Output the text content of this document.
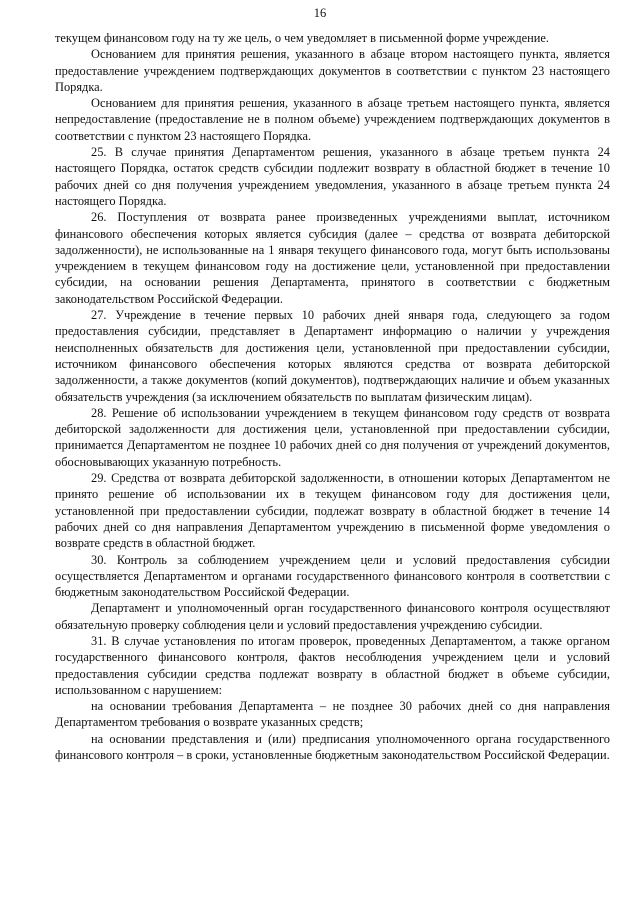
16

текущем финансовом году на ту же цель, о чем уведомляет в письменной форме учреждение.

Основанием для принятия решения, указанного в абзаце втором настоящего пункта, является предоставление учреждением подтверждающих документов в соответствии с пунктом 23 настоящего Порядка.

Основанием для принятия решения, указанного в абзаце третьем настоящего пункта, является непредоставление (предоставление не в полном объеме) учреждением подтверждающих документов в соответствии с пунктом 23 настоящего Порядка.

25. В случае принятия Департаментом решения, указанного в абзаце третьем пункта 24 настоящего Порядка, остаток средств субсидии подлежит возврату в областной бюджет в течение 10 рабочих дней со дня получения учреждением уведомления, указанного в абзаце третьем пункта 24 настоящего Порядка.

26. Поступления от возврата ранее произведенных учреждениями выплат, источником финансового обеспечения которых является субсидия (далее – средства от возврата дебиторской задолженности), не использованные на 1 января текущего финансового года, могут быть использованы учреждением в текущем финансовом году на достижение цели, установленной при предоставлении субсидии, на основании решения Департамента, принятого в соответствии с бюджетным законодательством Российской Федерации.

27. Учреждение в течение первых 10 рабочих дней января года, следующего за годом предоставления субсидии, представляет в Департамент информацию о наличии у учреждения неисполненных обязательств для достижения цели, установленной при предоставлении субсидии, источником финансового обеспечения которых являются средства от возврата дебиторской задолженности, а также документов (копий документов), подтверждающих наличие и объем указанных обязательств учреждения (за исключением обязательств по выплатам физическим лицам).

28. Решение об использовании учреждением в текущем финансовом году средств от возврата дебиторской задолженности для достижения цели, установленной при предоставлении субсидии, принимается Департаментом не позднее 10 рабочих дней со дня получения от учреждений документов, обосновывающих указанную потребность.

29. Средства от возврата дебиторской задолженности, в отношении которых Департаментом не принято решение об использовании их в текущем финансовом году для достижения цели, установленной при предоставлении субсидии, подлежат возврату в областной бюджет в течение 14 рабочих дней со дня направления Департаментом учреждению в письменной форме уведомления о возврате средств в областной бюджет.

30. Контроль за соблюдением учреждением цели и условий предоставления субсидии осуществляется Департаментом и органами государственного финансового контроля в соответствии с бюджетным законодательством Российской Федерации.

Департамент и уполномоченный орган государственного финансового контроля осуществляют обязательную проверку соблюдения цели и условий предоставления учреждению субсидии.

31. В случае установления по итогам проверок, проведенных Департаментом, а также органом государственного финансового контроля, фактов несоблюдения учреждением цели и условий предоставления субсидии средства подлежат возврату в областной бюджет в объеме субсидии, использованном с нарушением:

на основании требования Департамента – не позднее 30 рабочих дней со дня направления Департаментом требования о возврате указанных средств;

на основании представления и (или) предписания уполномоченного органа государственного финансового контроля – в сроки, установленные бюджетным законодательством Российской Федерации.
